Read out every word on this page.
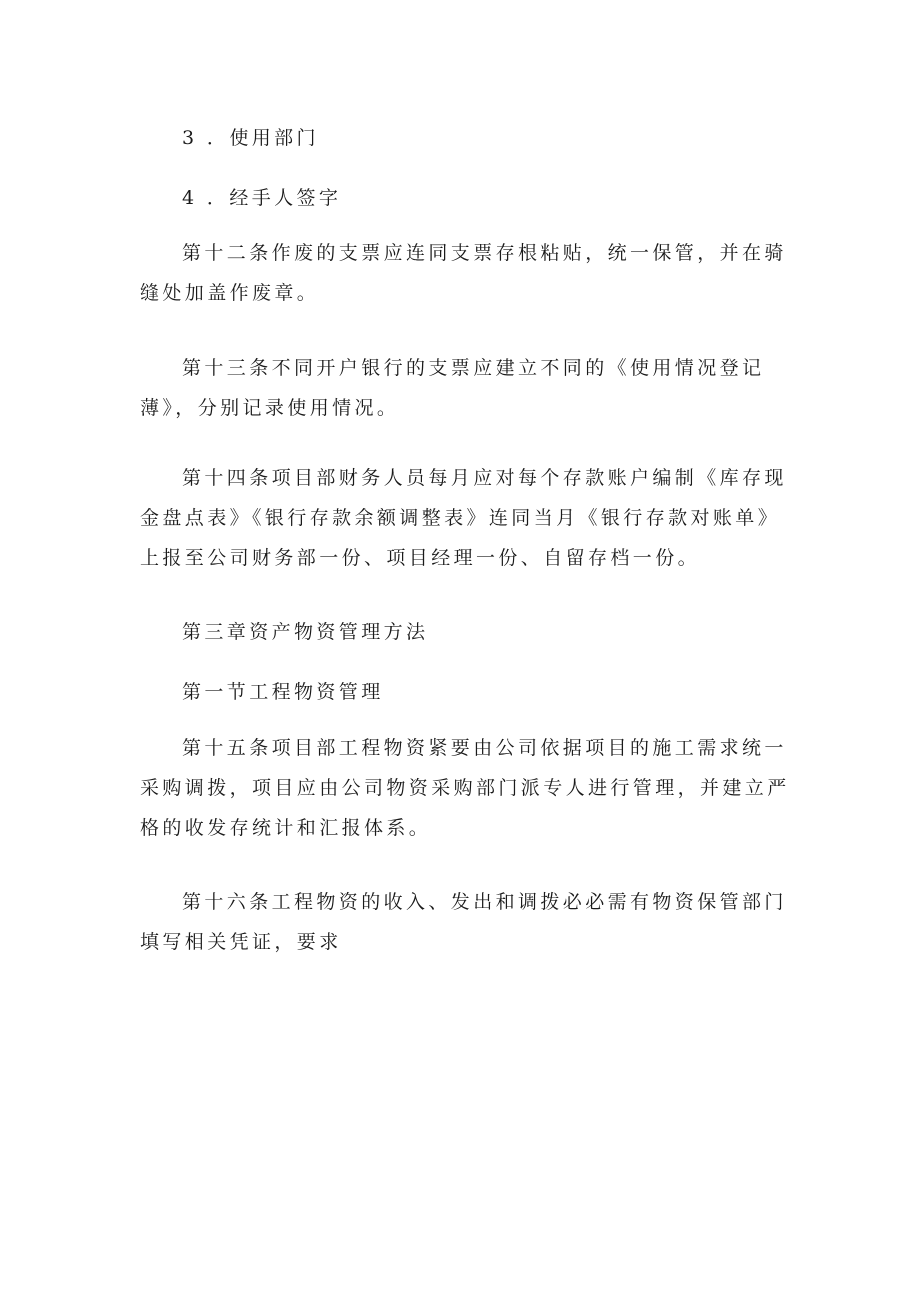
3 ．使用部门

4 ．经手人签字

第十二条作废的支票应连同支票存根粘贴，统一保管，并在骑缝处加盖作废章。

第十三条不同开户银行的支票应建立不同的《使用情况登记薄》，分别记录使用情况。

第十四条项目部财务人员每月应对每个存款账户编制《库存现金盘点表》《银行存款余额调整表》连同当月《银行存款对账单》上报至公司财务部一份、项目经理一份、自留存档一份。

第三章资产物资管理方法

第一节工程物资管理

第十五条项目部工程物资紧要由公司依据项目的施工需求统一采购调拨，项目应由公司物资采购部门派专人进行管理，并建立严格的收发存统计和汇报体系。

第十六条工程物资的收入、发出和调拨必必需有物资保管部门填写相关凭证，要求
